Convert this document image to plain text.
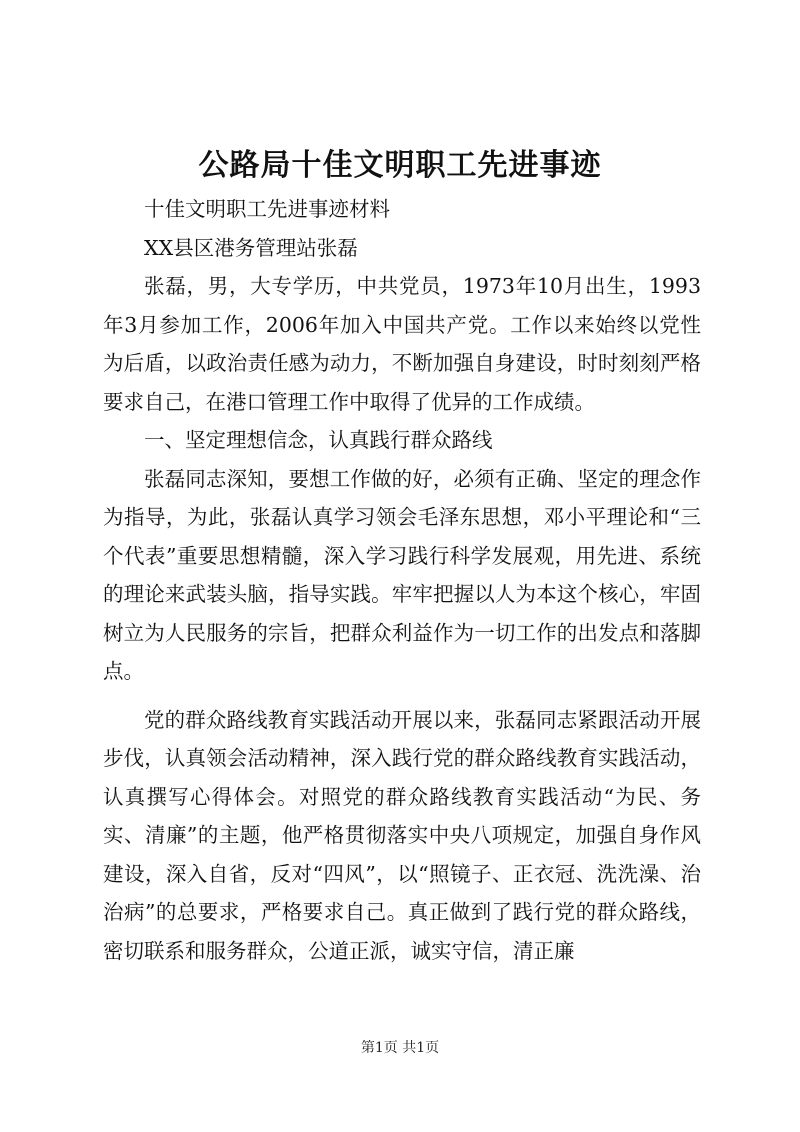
公路局十佳文明职工先进事迹

十佳文明职工先进事迹材料

XX县区港务管理站张磊

张磊，男，大专学历，中共党员，1973年10月出生，1993年3月参加工作，2006年加入中国共产党。工作以来始终以党性为后盾，以政治责任感为动力，不断加强自身建设，时时刻刻严格要求自己，在港口管理工作中取得了优异的工作成绩。

一、坚定理想信念，认真践行群众路线

张磊同志深知，要想工作做的好，必须有正确、坚定的理念作为指导，为此，张磊认真学习领会毛泽东思想，邓小平理论和“三个代表”重要思想精髓，深入学习践行科学发展观，用先进、系统的理论来武装头脑，指导实践。牢牢把握以人为本这个核心，牢固树立为人民服务的宗旨，把群众利益作为一切工作的出发点和落脚点。

党的群众路线教育实践活动开展以来，张磊同志紧跟活动开展步伐，认真领会活动精神，深入践行党的群众路线教育实践活动，认真撰写心得体会。对照党的群众路线教育实践活动“为民、务实、清廉”的主题，他严格贯彻落实中央八项规定，加强自身作风建设，深入自省，反对“四风”，以“照镜子、正衣冠、洗洗澡、治治病”的总要求，严格要求自己。真正做到了践行党的群众路线，密切联系和服务群众，公道正派，诚实守信，清正廉

第1页 共1页
